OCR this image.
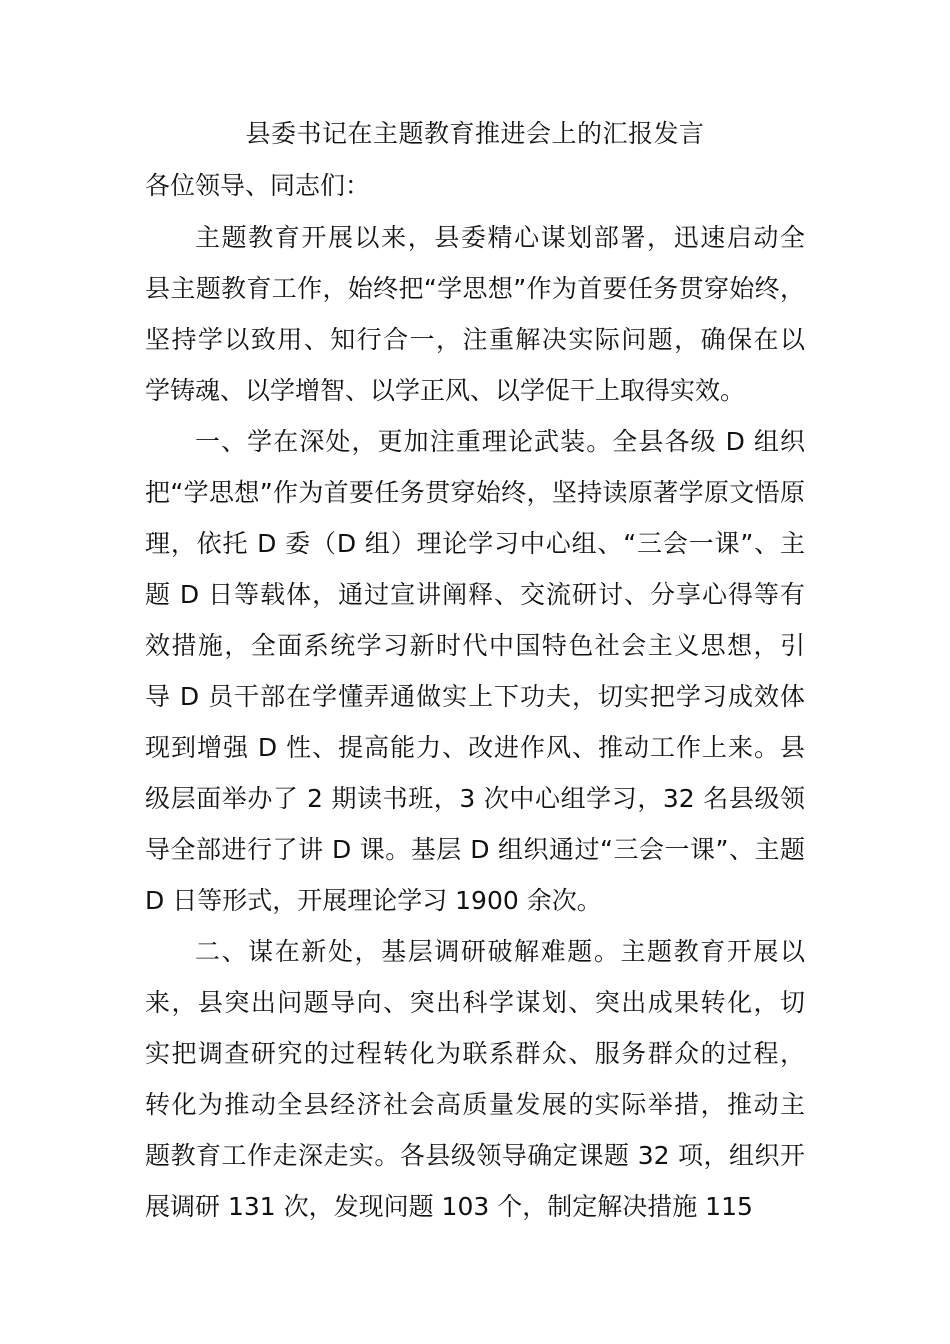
县委书记在主题教育推进会上的汇报发言
各位领导、同志们：
主题教育开展以来，县委精心谋划部署，迅速启动全
县主题教育工作，始终把“学思想”作为首要任务贯穿始终，
坚持学以致用、知行合一，注重解决实际问题，确保在以
学铸魂、以学增智、以学正风、以学促干上取得实效。
一、学在深处，更加注重理论武装。全县各级 D 组织
把“学思想”作为首要任务贯穿始终，坚持读原著学原文悟原
理，依托 D 委（D 组）理论学习中心组、“三会一课”、主
题 D 日等载体，通过宣讲阐释、交流研讨、分享心得等有
效措施，全面系统学习新时代中国特色社会主义思想，引
导 D 员干部在学懂弄通做实上下功夫，切实把学习成效体
现到增强 D 性、提高能力、改进作风、推动工作上来。县
级层面举办了 2 期读书班，3 次中心组学习，32 名县级领
导全部进行了讲 D 课。基层 D 组织通过“三会一课”、主题
D 日等形式，开展理论学习 1900 余次。
二、谋在新处，基层调研破解难题。主题教育开展以
来，县突出问题导向、突出科学谋划、突出成果转化，切
实把调查研究的过程转化为联系群众、服务群众的过程，
转化为推动全县经济社会高质量发展的实际举措，推动主
题教育工作走深走实。各县级领导确定课题 32 项，组织开
展调研 131 次，发现问题 103 个，制定解决措施 115
